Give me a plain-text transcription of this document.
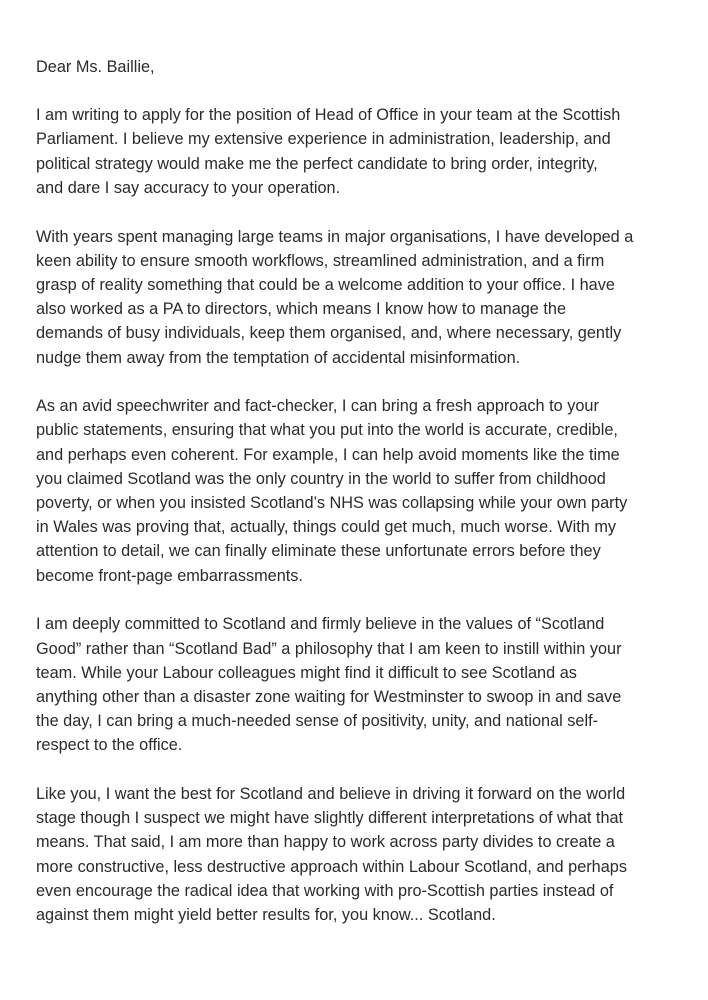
Dear Ms. Baillie,

I am writing to apply for the position of Head of Office in your team at the Scottish
Parliament. I believe my extensive experience in administration, leadership, and
political strategy would make me the perfect candidate to bring order, integrity,
and dare I say accuracy to your operation.

With years spent managing large teams in major organisations, I have developed a
keen ability to ensure smooth workflows, streamlined administration, and a firm
grasp of reality something that could be a welcome addition to your office. I have
also worked as a PA to directors, which means I know how to manage the
demands of busy individuals, keep them organised, and, where necessary, gently
nudge them away from the temptation of accidental misinformation.

As an avid speechwriter and fact-checker, I can bring a fresh approach to your
public statements, ensuring that what you put into the world is accurate, credible,
and perhaps even coherent. For example, I can help avoid moments like the time
you claimed Scotland was the only country in the world to suffer from childhood
poverty, or when you insisted Scotland’s NHS was collapsing while your own party
in Wales was proving that, actually, things could get much, much worse. With my
attention to detail, we can finally eliminate these unfortunate errors before they
become front-page embarrassments.

I am deeply committed to Scotland and firmly believe in the values of “Scotland
Good” rather than “Scotland Bad” a philosophy that I am keen to instill within your
team. While your Labour colleagues might find it difficult to see Scotland as
anything other than a disaster zone waiting for Westminster to swoop in and save
the day, I can bring a much-needed sense of positivity, unity, and national self-
respect to the office.

Like you, I want the best for Scotland and believe in driving it forward on the world
stage though I suspect we might have slightly different interpretations of what that
means. That said, I am more than happy to work across party divides to create a
more constructive, less destructive approach within Labour Scotland, and perhaps
even encourage the radical idea that working with pro-Scottish parties instead of
against them might yield better results for, you know... Scotland.
